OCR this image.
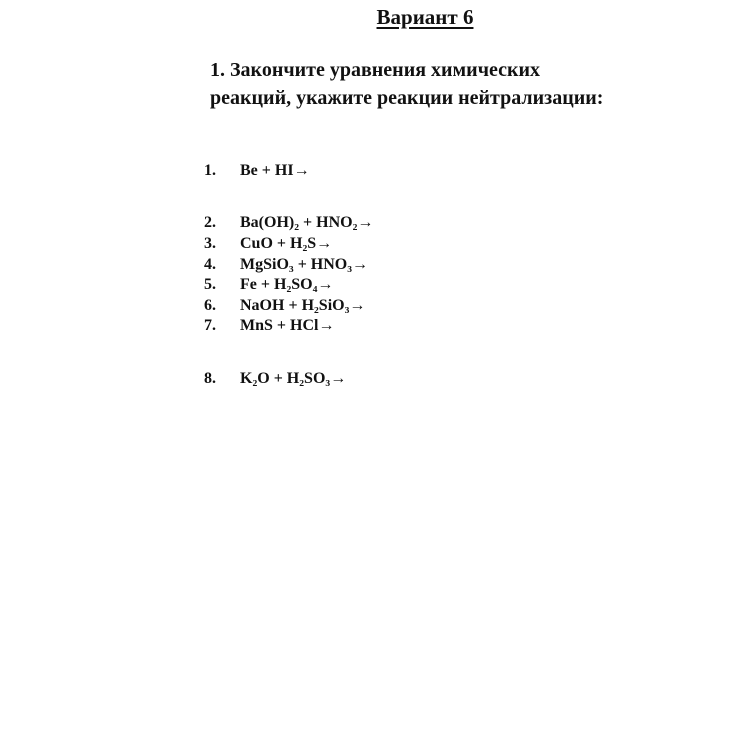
Вариант 6
1. Закончите уравнения химических
реакций, укажите реакции нейтрализации:
1. Be + HI→
2. Ba(OH)₂ + HNO₂→
3. CuO + H₂S→
4. MgSiO₃ + HNO₃→
5. Fe + H₂SO₄→
6. NaOH + H₂SiO₃→
7. MnS + HCl→
8. K₂O + H₂SO₃→
